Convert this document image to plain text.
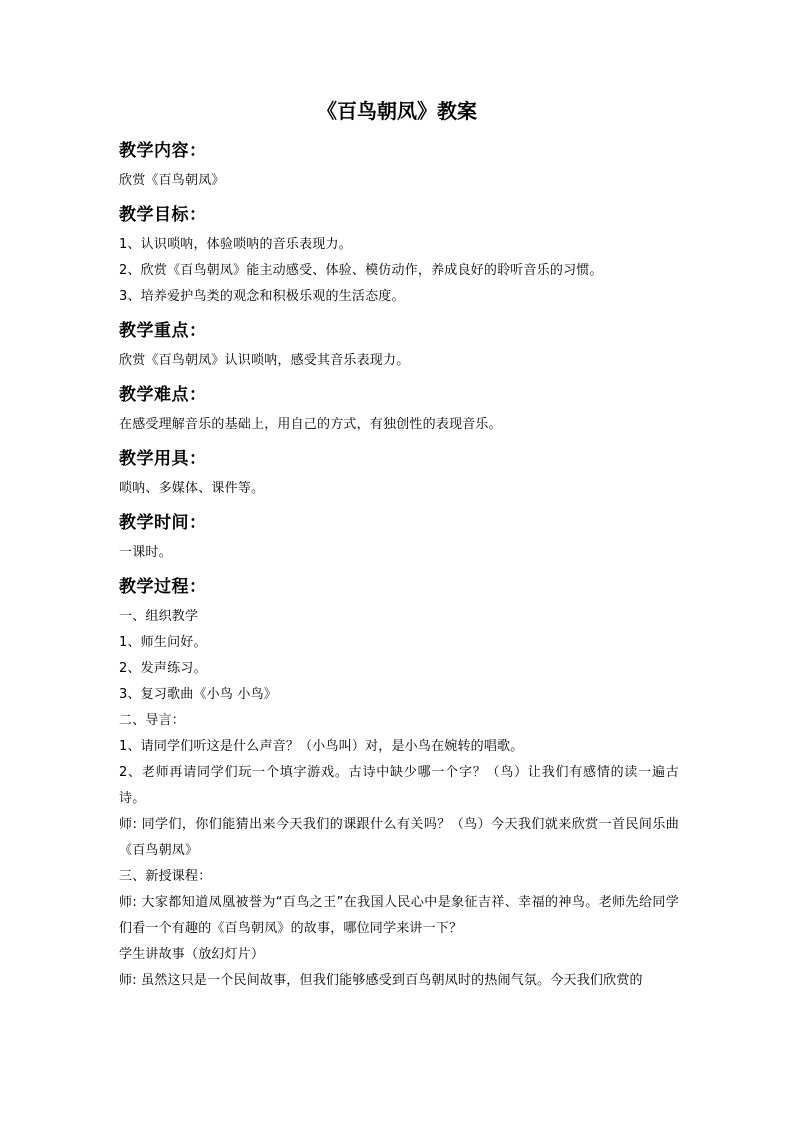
《百鸟朝凤》教案
教学内容：
欣赏《百鸟朝凤》
教学目标：
1、认识唢呐，体验唢呐的音乐表现力。
2、欣赏《百鸟朝凤》能主动感受、体验、模仿动作，养成良好的聆听音乐的习惯。
3、培养爱护鸟类的观念和积极乐观的生活态度。
教学重点：
欣赏《百鸟朝凤》认识唢呐，感受其音乐表现力。
教学难点：
在感受理解音乐的基础上，用自己的方式，有独创性的表现音乐。
教学用具：
唢呐、多媒体、课件等。
教学时间：
一课时。
教学过程：
一、组织教学
1、师生问好。
2、发声练习。
3、复习歌曲《小鸟 小鸟》
二、导言：
1、请同学们听这是什么声音？（小鸟叫）对，是小鸟在婉转的唱歌。
2、老师再请同学们玩一个填字游戏。古诗中缺少哪一个字？（鸟）让我们有感情的读一遍古诗。
师: 同学们，你们能猜出来今天我们的课跟什么有关吗？（鸟）今天我们就来欣赏一首民间乐曲《百鸟朝凤》
三、新授课程：
师: 大家都知道凤凰被誉为“百鸟之王”在我国人民心中是象征吉祥、幸福的神鸟。老师先给同学们看一个有趣的《百鸟朝凤》的故事，哪位同学来讲一下？
学生讲故事（放幻灯片）
师: 虽然这只是一个民间故事，但我们能够感受到百鸟朝凤时的热闹气氛。今天我们欣赏的
